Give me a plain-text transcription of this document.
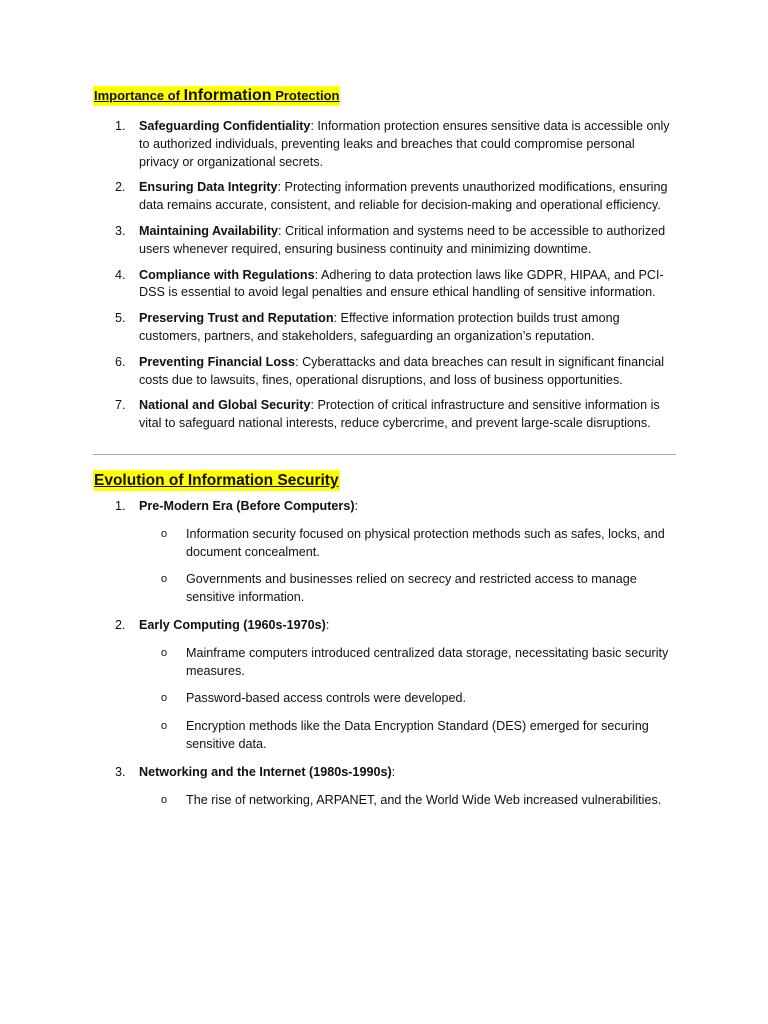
Importance of Information Protection
1. Safeguarding Confidentiality: Information protection ensures sensitive data is accessible only to authorized individuals, preventing leaks and breaches that could compromise personal privacy or organizational secrets.
2. Ensuring Data Integrity: Protecting information prevents unauthorized modifications, ensuring data remains accurate, consistent, and reliable for decision-making and operational efficiency.
3. Maintaining Availability: Critical information and systems need to be accessible to authorized users whenever required, ensuring business continuity and minimizing downtime.
4. Compliance with Regulations: Adhering to data protection laws like GDPR, HIPAA, and PCI-DSS is essential to avoid legal penalties and ensure ethical handling of sensitive information.
5. Preserving Trust and Reputation: Effective information protection builds trust among customers, partners, and stakeholders, safeguarding an organization’s reputation.
6. Preventing Financial Loss: Cyberattacks and data breaches can result in significant financial costs due to lawsuits, fines, operational disruptions, and loss of business opportunities.
7. National and Global Security: Protection of critical infrastructure and sensitive information is vital to safeguard national interests, reduce cybercrime, and prevent large-scale disruptions.
Evolution of Information Security
1. Pre-Modern Era (Before Computers):
o	Information security focused on physical protection methods such as safes, locks, and document concealment.
o	Governments and businesses relied on secrecy and restricted access to manage sensitive information.
2. Early Computing (1960s-1970s):
o	Mainframe computers introduced centralized data storage, necessitating basic security measures.
o	Password-based access controls were developed.
o	Encryption methods like the Data Encryption Standard (DES) emerged for securing sensitive data.
3. Networking and the Internet (1980s-1990s):
o	The rise of networking, ARPANET, and the World Wide Web increased vulnerabilities.
